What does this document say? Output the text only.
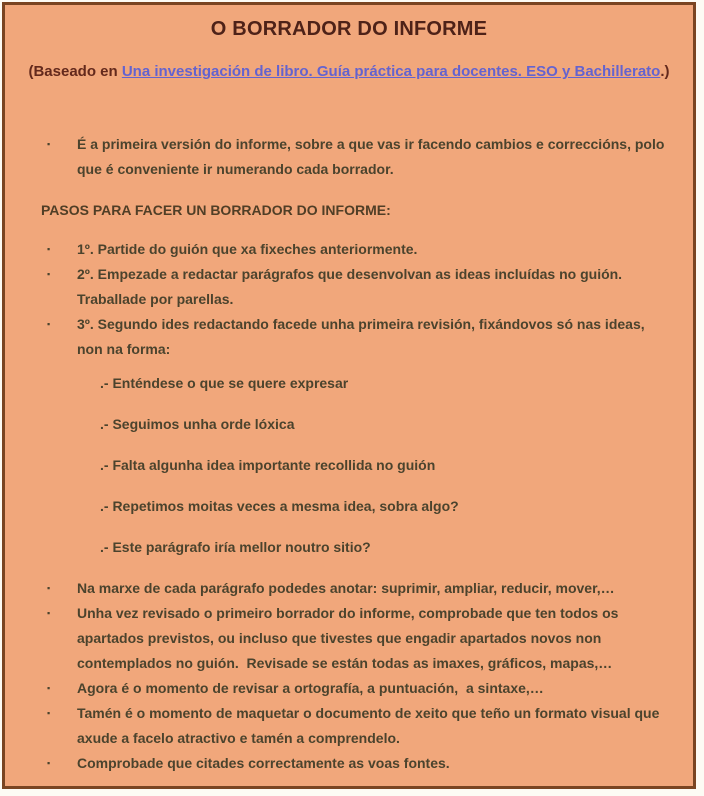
O BORRADOR DO INFORME
(Baseado en Una investigación de libro. Guía práctica para docentes. ESO y Bachillerato.)
▪	É a primeira versión do informe, sobre a que vas ir facendo cambios e correccións, polo que é conveniente ir numerando cada borrador.
PASOS PARA FACER UN BORRADOR DO INFORME:
▪	1º. Partide do guión que xa fixeches anteriormente.
▪	2º. Empezade a redactar parágrafos que desenvolvan as ideas incluídas no guión. Traballade por parellas.
▪	3º. Segundo ides redactando facede unha primeira revisión, fixándovos só nas ideas, non na forma:
.- Enténdese o que se quere expresar
.- Seguimos unha orde lóxica
.- Falta algunha idea importante recollida no guión
.- Repetimos moitas veces a mesma idea, sobra algo?
.- Este parágrafo iría mellor noutro sitio?
▪	Na marxe de cada parágrafo podedes anotar: suprimir, ampliar, reducir, mover,…
▪	Unha vez revisado o primeiro borrador do informe, comprobade que ten todos os apartados previstos, ou incluso que tivestes que engadir apartados novos non contemplados no guión.  Revisade se están todas as imaxes, gráficos, mapas,…
▪	Agora é o momento de revisar a ortografía, a puntuación,  a sintaxe,…
▪	Tamén é o momento de maquetar o documento de xeito que teño un formato visual que axude a facelo atractivo e tamén a comprendelo.
▪	Comprobade que citades correctamente as voas fontes.
